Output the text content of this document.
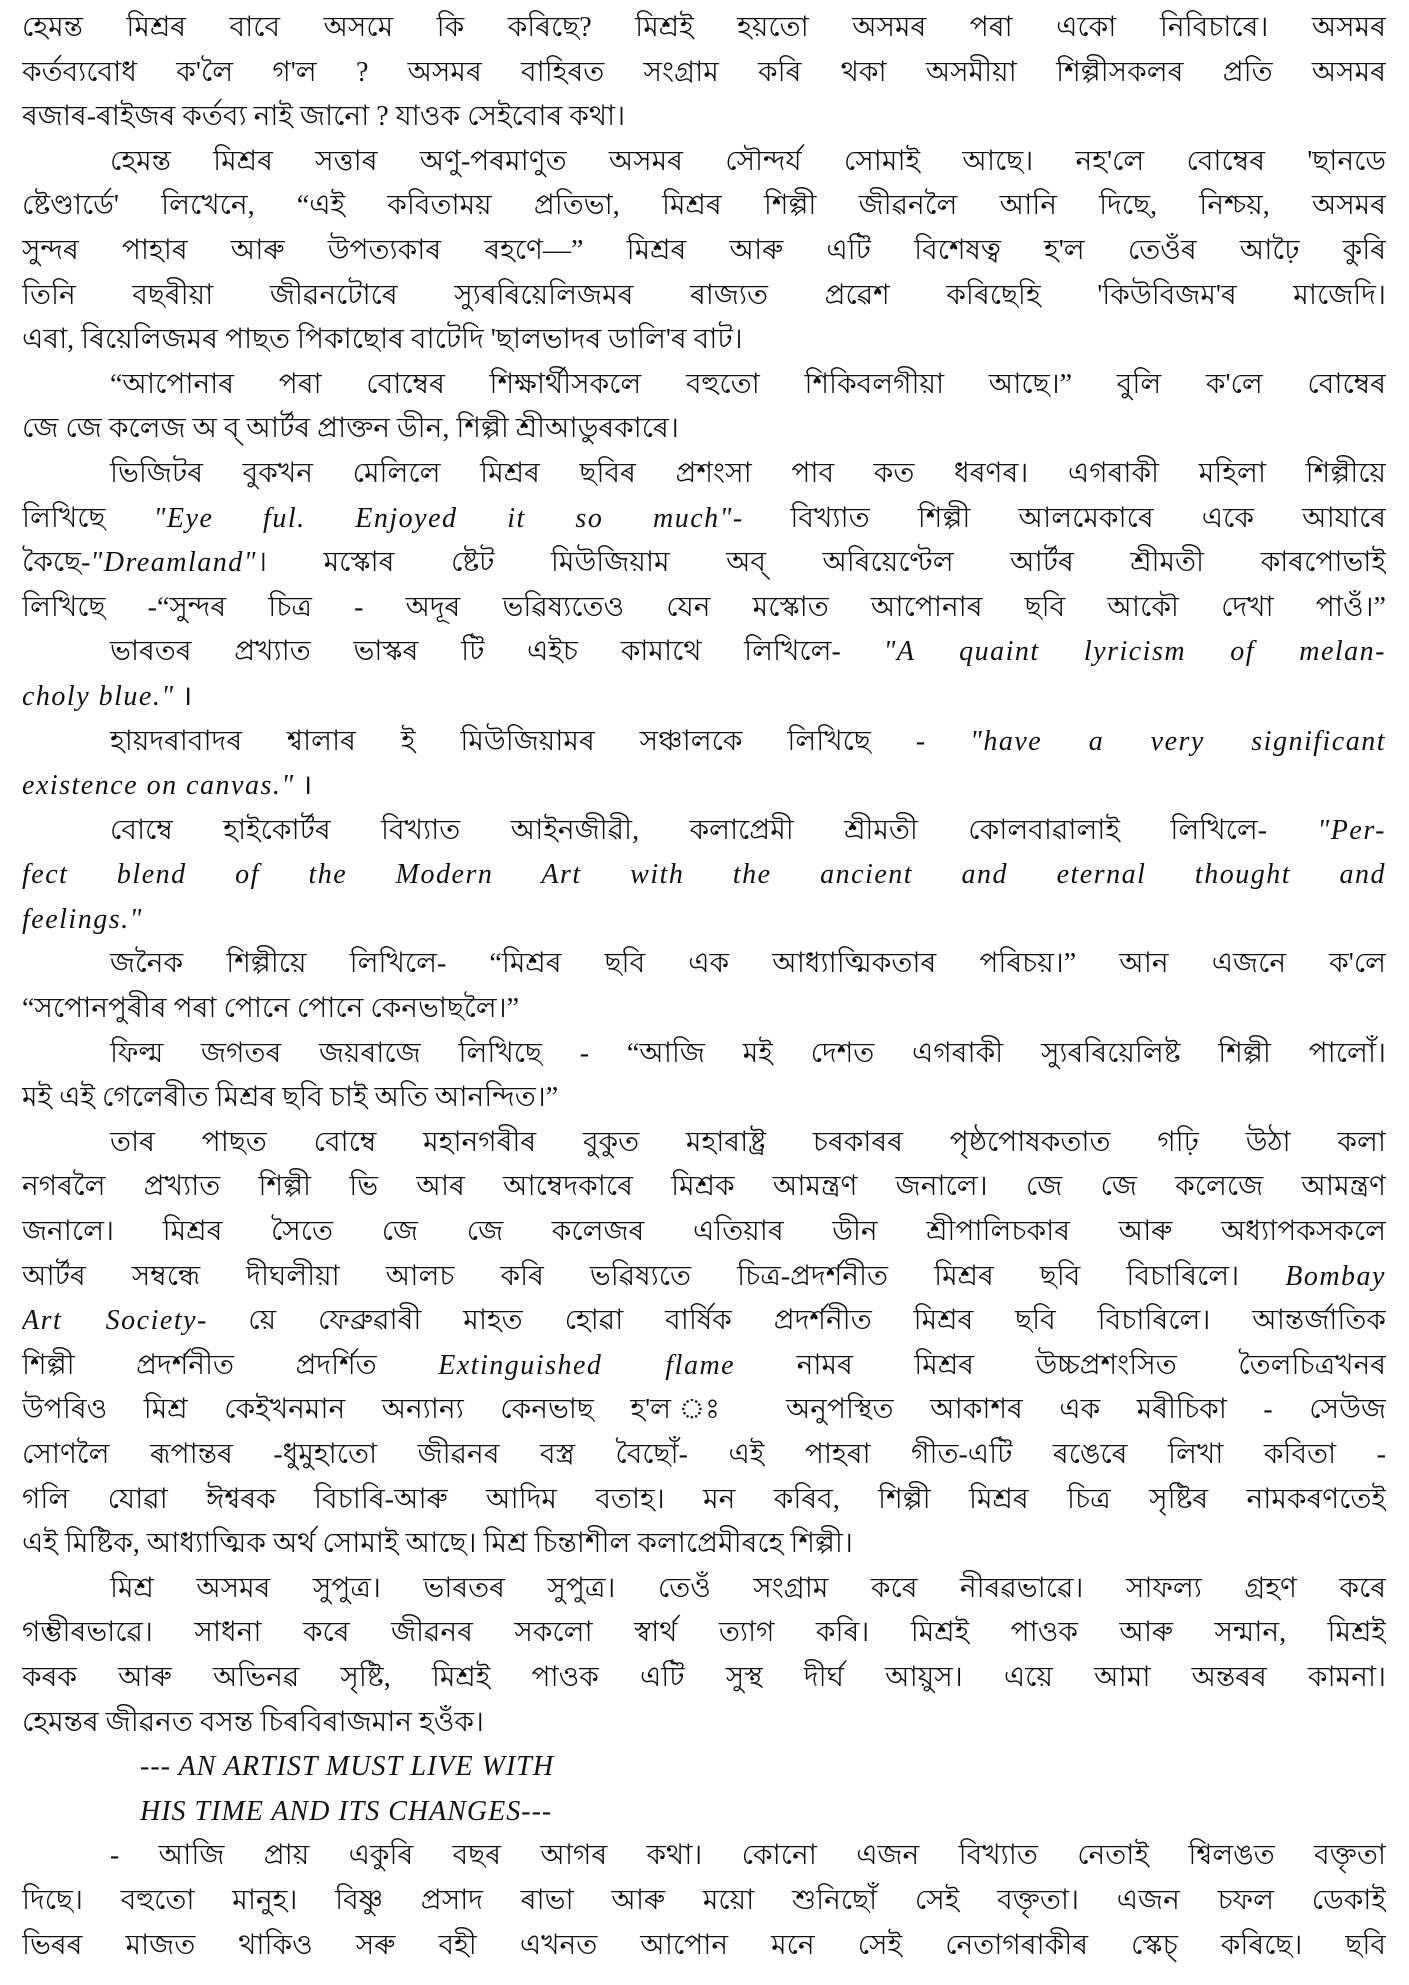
হেমন্ত মিশ্ৰৰ বাবে অসমে কি কৰিছে? মিশ্ৰই হয়তো অসমৰ পৰা একো নিবিচাৰে। অসমৰ
কৰ্তব্যবোধ ক'লৈ গ'ল ? অসমৰ বাহিৰত সংগ্ৰাম কৰি থকা অসমীয়া শিল্পীসকলৰ প্ৰতি অসমৰ
ৰজাৰ-ৰাইজৰ কৰ্তব্য নাই জানো ? যাওক সেইবোৰ কথা।
হেমন্ত মিশ্ৰৰ সত্তাৰ অণু-পৰমাণুত অসমৰ সৌন্দৰ্য সোমাই আছে। নহ'লে বোম্বেৰ 'ছানডে
ষ্টেণ্ডাৰ্ডে' লিখেনে, “এই কবিতাময় প্ৰতিভা, মিশ্ৰৰ শিল্পী জীৱনলৈ আনি দিছে, নিশ্চয়, অসমৰ
সুন্দৰ পাহাৰ আৰু উপত্যকাৰ ৰহণে—” মিশ্ৰৰ আৰু এটি বিশেষত্ব হ'ল তেওঁৰ আঢ়ৈ কুৰি
তিনি বছৰীয়া জীৱনটোৰে স্যুৰৰিয়েলিজমৰ ৰাজ্যত প্ৰৱেশ কৰিছেহি 'কিউবিজম'ৰ মাজেদি।
এৰা, ৰিয়েলিজমৰ পাছত পিকাছোৰ বাটেদি 'ছালভাদৰ ডালি'ৰ বাট।
“আপোনাৰ পৰা বোম্বেৰ শিক্ষাৰ্থীসকলে বহুতো শিকিবলগীয়া আছে।” বুলি ক'লে বোম্বেৰ
জে জে কলেজ অ ব্ আৰ্টৰ প্ৰাক্তন ডীন, শিল্পী শ্ৰীআডুৰকাৰে।
ভিজিটৰ বুকখন মেলিলে মিশ্ৰৰ ছবিৰ প্ৰশংসা পাব কত ধৰণৰ। এগৰাকী মহিলা শিল্পীয়ে
লিখিছে "Eye ful. Enjoyed it so much"- বিখ্যাত শিল্পী আলমেকাৰে একে আযাৰে
কৈছে-"Dreamland"। মস্কোৰ ষ্টেট মিউজিয়াম অব্ অৰিয়েণ্টেল আৰ্টৰ শ্ৰীমতী কাৰপোভাই
লিখিছে -“সুন্দৰ চিত্ৰ - অদূৰ ভৱিষ্যতেও যেন মস্কোত আপোনাৰ ছবি আকৌ দেখা পাওঁ।”
ভাৰতৰ প্ৰখ্যাত ভাস্কৰ টি এইচ কামাথে লিখিলে- "A quaint lyricism of melan-
choly blue." ।
হায়দৰাবাদৰ শ্বালাৰ ই মিউজিয়ামৰ সঞ্চালকে লিখিছে - "have a very significant
existence on canvas." ।
বোম্বে হাইকোৰ্টৰ বিখ্যাত আইনজীৱী, কলাপ্ৰেমী শ্ৰীমতী কোলবাৱালাই লিখিলে- "Per-
fect blend of the Modern Art with the ancient and eternal thought and
feelings."
জনৈক শিল্পীয়ে লিখিলে- “মিশ্ৰৰ ছবি এক আধ্যাত্মিকতাৰ পৰিচয়।” আন এজনে ক'লে
“সপোনপুৰীৰ পৰা পোনে পোনে কেনভাছলৈ।”
ফিল্ম জগতৰ জয়ৰাজে লিখিছে - “আজি মই দেশত এগৰাকী স্যুৰৰিয়েলিষ্ট শিল্পী পালোঁ।
মই এই গেলেৰীত মিশ্ৰৰ ছবি চাই অতি আনন্দিত।”
তাৰ পাছত বোম্বে মহানগৰীৰ বুকুত মহাৰাষ্ট্ৰ চৰকাৰৰ পৃষ্ঠপোষকতাত গঢ়ি উঠা কলা
নগৰলৈ প্ৰখ্যাত শিল্পী ভি আৰ আম্বেদকাৰে মিশ্ৰক আমন্ত্ৰণ জনালে। জে জে কলেজে আমন্ত্ৰণ
জনালে। মিশ্ৰৰ সৈতে জে জে কলেজৰ এতিয়াৰ ডীন শ্ৰীপালিচকাৰ আৰু অধ্যাপকসকলে
আৰ্টৰ সম্বন্ধে দীঘলীয়া আলচ কৰি ভৱিষ্যতে চিত্ৰ-প্ৰদৰ্শনীত মিশ্ৰৰ ছবি বিচাৰিলে। Bombay
Art Society- য়ে ফেব্ৰুৱাৰী মাহত হোৱা বাৰ্ষিক প্ৰদৰ্শনীত মিশ্ৰৰ ছবি বিচাৰিলে। আন্তৰ্জাতিক
শিল্পী প্ৰদৰ্শনীত প্ৰদৰ্শিত Extinguished flame নামৰ মিশ্ৰৰ উচ্চপ্ৰশংসিত তৈলচিত্ৰখনৰ
উপৰিও মিশ্ৰ কেইখনমান অন্যান্য কেনভাছ হ'ল ঃ অনুপস্থিত আকাশৰ এক মৰীচিকা - সেউজ
সোণলৈ ৰূপান্তৰ -ধুমুহাতো জীৱনৰ বস্ত্ৰ বৈছোঁ- এই পাহৰা গীত-এটি ৰঙেৰে লিখা কবিতা -
গলি যোৱা ঈশ্বৰক বিচাৰি-আৰু আদিম বতাহ। মন কৰিব, শিল্পী মিশ্ৰৰ চিত্ৰ সৃষ্টিৰ নামকৰণতেই
এই মিষ্টিক, আধ্যাত্মিক অৰ্থ সোমাই আছে। মিশ্ৰ চিন্তাশীল কলাপ্ৰেমীৰহে শিল্পী।
মিশ্ৰ অসমৰ সুপুত্ৰ। ভাৰতৰ সুপুত্ৰ। তেওঁ সংগ্ৰাম কৰে নীৰৱভাৱে। সাফল্য গ্ৰহণ কৰে
গম্ভীৰভাৱে। সাধনা কৰে জীৱনৰ সকলো স্বাৰ্থ ত্যাগ কৰি। মিশ্ৰই পাওক আৰু সন্মান, মিশ্ৰই
কৰক আৰু অভিনৱ সৃষ্টি, মিশ্ৰই পাওক এটি সুস্থ দীৰ্ঘ আয়ুস। এয়ে আমা অন্তৰৰ কামনা।
হেমন্তৰ জীৱনত বসন্ত চিৰবিৰাজমান হওঁক।
--- AN ARTIST MUST LIVE WITH
HIS TIME AND ITS CHANGES---
- আজি প্ৰায় একুৰি বছৰ আগৰ কথা। কোনো এজন বিখ্যাত নেতাই শ্বিলঙত বক্তৃতা
দিছে। বহুতো মানুহ। বিষ্ণু প্ৰসাদ ৰাভা আৰু ময়ো শুনিছোঁ সেই বক্তৃতা। এজন চফল ডেকাই
ভিৰৰ মাজত থাকিও সৰু বহী এখনত আপোন মনে সেই নেতাগৰাকীৰ স্কেচ্ কৰিছে। ছবি
